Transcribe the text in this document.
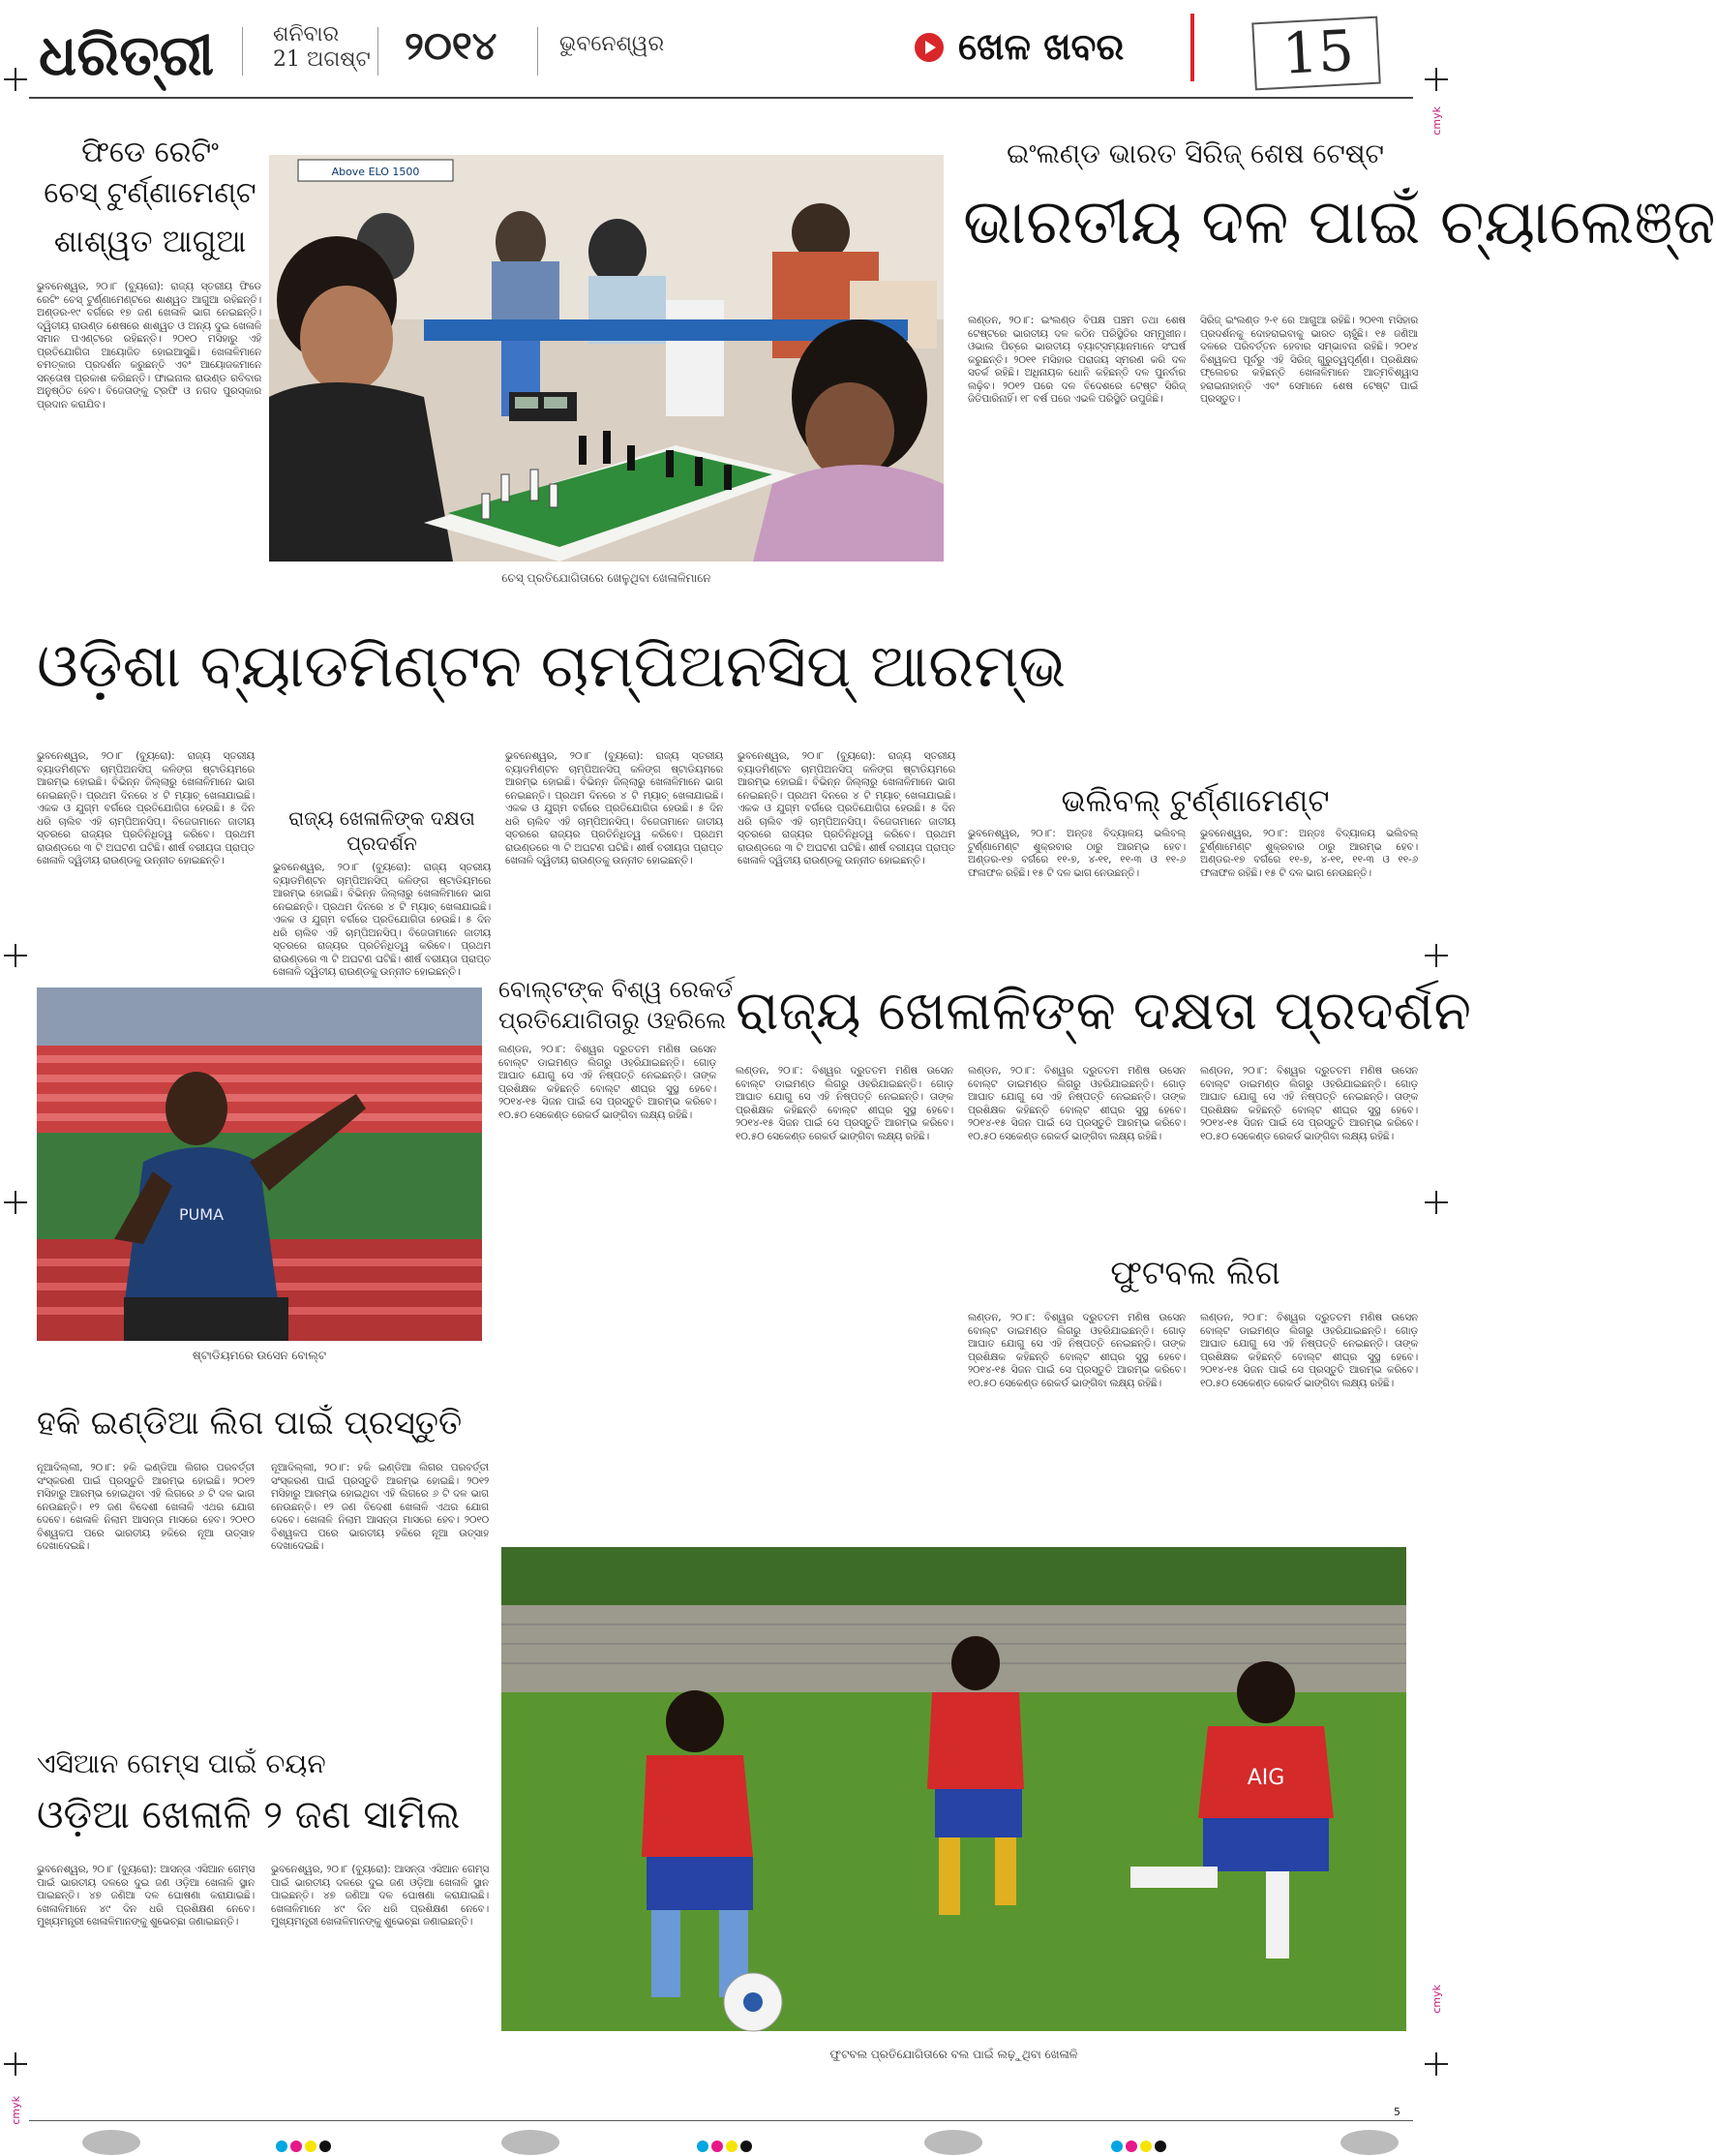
ଧରିତ୍ରୀ	ଶନିବାର
21 ଅଗଷ୍ଟ ୨୦୧୪	ଭୁବନେଶ୍ୱର	ଖେଳ ଖବର	15
ଫିଡେ ରେଟିଂ
ଚେସ୍ ଟୁର୍ଣ୍ଣାମେଣ୍ଟ
ଶାଶ୍ୱତ ଆଗୁଆ
ଭୁବନେଶ୍ୱର, ୨୦।୮ (ବ୍ୟୁରୋ): ରାଜ୍ୟ ସ୍ତରୀୟ ଫିଡେ ରେଟିଂ ଚେସ୍ ଟୁର୍ଣ୍ଣାମେଣ୍ଟରେ ଶାଶ୍ୱତ ଆଗୁଆ ରହିଛନ୍ତି। ଅଣ୍ଡର-୧୯ ବର୍ଗରେ ୧୭ ଜଣ ଖେଳାଳି ଭାଗ ନେଇଛନ୍ତି। ଦ୍ୱିତୀୟ ରାଉଣ୍ଡ ଶେଷରେ ଶାଶ୍ୱତ ଓ ଅନ୍ୟ ଦୁଇ ଖେଳାଳି ସମାନ ପଏଣ୍ଟରେ ରହିଛନ୍ତି। ୨୦୧୦ ମସିହାରୁ ଏହି ପ୍ରତିଯୋଗିତା ଆୟୋଜିତ ହୋଇଆସୁଛି। ଖେଳାଳିମାନେ ଚମତ୍କାର ପ୍ରଦର୍ଶନ କରୁଛନ୍ତି ଏବଂ ଆୟୋଜକମାନେ ସନ୍ତୋଷ ପ୍ରକାଶ କରିଛନ୍ତି। ଫାଇନାଲ ରାଉଣ୍ଡ ରବିବାର ଅନୁଷ୍ଠିତ ହେବ। ବିଜେତାଙ୍କୁ ଟ୍ରଫି ଓ ନଗଦ ପୁରସ୍କାର ପ୍ରଦାନ କରାଯିବ।
Above ELO 1500
ଚେସ୍ ପ୍ରତିଯୋଗିତାରେ ଖେଳୁଥିବା ଖେଳାଳିମାନେ
ଇଂଲଣ୍ଡ ଭାରତ ସିରିଜ୍ ଶେଷ ଟେଷ୍ଟ
ଭାରତୀୟ ଦଳ ପାଇଁ ଚ୍ୟାଲେଞ୍ଜ
ଲଣ୍ଡନ, ୨୦।୮: ଇଂଲଣ୍ଡ ବିପକ୍ଷ ପଞ୍ଚମ ତଥା ଶେଷ ଟେଷ୍ଟରେ ଭାରତୀୟ ଦଳ କଠିନ ପରିସ୍ଥିତିର ସମ୍ମୁଖୀନ। ଓଭାଲ ପିଚ୍‌ରେ ଭାରତୀୟ ବ୍ୟାଟ୍ସମ୍ୟାନମାନେ ସଂଘର୍ଷ କରୁଛନ୍ତି। ୨୦୧୧ ମସିହାର ପରାଜୟ ସ୍ମରଣ କରି ଦଳ ସତର୍କ ରହିଛି। ଅଧିନାୟକ ଧୋନି କହିଛନ୍ତି ଦଳ ପୁନର୍ବାର ଲଢ଼ିବ। ୨୦୧୨ ପରେ ଦଳ ବିଦେଶରେ ଟେଷ୍ଟ ସିରିଜ୍ ଜିତିପାରିନାହିଁ। ୧୮ ବର୍ଷ ପରେ ଏଭଳି ପରିସ୍ଥିତି ଉପୁଜିଛି।
ସିରିଜ୍ ଇଂଲଣ୍ଡ ୨-୧ ରେ ଆଗୁଆ ରହିଛି। ୨୦୧୩ ମସିହାର ପ୍ରଦର୍ଶନକୁ ଦୋହରାଇବାକୁ ଭାରତ ଚାହୁଁଛି। ୧୫ ଜଣିଆ ଦଳରେ ପରିବର୍ତ୍ତନ ହେବାର ସମ୍ଭାବନା ରହିଛି। ୨୦୧୪ ବିଶ୍ୱକପ ପୂର୍ବରୁ ଏହି ସିରିଜ୍ ଗୁରୁତ୍ୱପୂର୍ଣ୍ଣ। ପ୍ରଶିକ୍ଷକ ଫ୍ଲେଚର କହିଛନ୍ତି ଖେଳାଳିମାନେ ଆତ୍ମବିଶ୍ୱାସ ହରାଇନାହାନ୍ତି ଏବଂ ସେମାନେ ଶେଷ ଟେଷ୍ଟ ପାଇଁ ପ୍ରସ୍ତୁତ।
ଓଡ଼ିଶା ବ୍ୟାଡମିଣ୍ଟନ ଚାମ୍ପିଅନସିପ୍ ଆରମ୍ଭ
ଭୁବନେଶ୍ୱର, ୨୦।୮ (ବ୍ୟୁରୋ): ରାଜ୍ୟ ସ୍ତରୀୟ ବ୍ୟାଡମିଣ୍ଟନ ଚାମ୍ପିଅନସିପ୍ କଳିଙ୍ଗ ଷ୍ଟାଡିୟମରେ ଆରମ୍ଭ ହୋଇଛି। ବିଭିନ୍ନ ଜିଲ୍ଲାରୁ ଖେଳାଳିମାନେ ଭାଗ ନେଇଛନ୍ତି। ପ୍ରଥମ ଦିନରେ ୪ ଟି ମ୍ୟାଚ୍ ଖେଳାଯାଇଛି। ଏକକ ଓ ଯୁଗ୍ମ ବର୍ଗରେ ପ୍ରତିଯୋଗିତା ହେଉଛି। ୫ ଦିନ ଧରି ଚାଲିବ ଏହି ଚାମ୍ପିଅନସିପ୍। ବିଜେତାମାନେ ଜାତୀୟ ସ୍ତରରେ ରାଜ୍ୟର ପ୍ରତିନିଧିତ୍ୱ କରିବେ। ପ୍ରଥମ ରାଉଣ୍ଡରେ ୩ ଟି ଅଘଟଣ ଘଟିଛି। ଶୀର୍ଷ ବରୀୟତା ପ୍ରାପ୍ତ ଖେଳାଳି ଦ୍ୱିତୀୟ ରାଉଣ୍ଡକୁ ଉନ୍ନୀତ ହୋଇଛନ୍ତି।
ରାଜ୍ୟ ଖେଳାଳିଙ୍କ ଦକ୍ଷତା ପ୍ରଦର୍ଶନ
ଭୁବନେଶ୍ୱର, ୨୦।୮ (ବ୍ୟୁରୋ): ରାଜ୍ୟ ସ୍ତରୀୟ ବ୍ୟାଡମିଣ୍ଟନ ଚାମ୍ପିଅନସିପ୍ କଳିଙ୍ଗ ଷ୍ଟାଡିୟମରେ ଆରମ୍ଭ ହୋଇଛି। ବିଭିନ୍ନ ଜିଲ୍ଲାରୁ ଖେଳାଳିମାନେ ଭାଗ ନେଇଛନ୍ତି। ପ୍ରଥମ ଦିନରେ ୪ ଟି ମ୍ୟାଚ୍ ଖେଳାଯାଇଛି। ଏକକ ଓ ଯୁଗ୍ମ ବର୍ଗରେ ପ୍ରତିଯୋଗିତା ହେଉଛି। ୫ ଦିନ ଧରି ଚାଲିବ ଏହି ଚାମ୍ପିଅନସିପ୍। ବିଜେତାମାନେ ଜାତୀୟ ସ୍ତରରେ ରାଜ୍ୟର ପ୍ରତିନିଧିତ୍ୱ କରିବେ। ପ୍ରଥମ ରାଉଣ୍ଡରେ ୩ ଟି ଅଘଟଣ ଘଟିଛି। ଶୀର୍ଷ ବରୀୟତା ପ୍ରାପ୍ତ ଖେଳାଳି ଦ୍ୱିତୀୟ ରାଉଣ୍ଡକୁ ଉନ୍ନୀତ ହୋଇଛନ୍ତି।
ଭୁବନେଶ୍ୱର, ୨୦।୮ (ବ୍ୟୁରୋ): ରାଜ୍ୟ ସ୍ତରୀୟ ବ୍ୟାଡମିଣ୍ଟନ ଚାମ୍ପିଅନସିପ୍ କଳିଙ୍ଗ ଷ୍ଟାଡିୟମରେ ଆରମ୍ଭ ହୋଇଛି। ବିଭିନ୍ନ ଜିଲ୍ଲାରୁ ଖେଳାଳିମାନେ ଭାଗ ନେଇଛନ୍ତି। ପ୍ରଥମ ଦିନରେ ୪ ଟି ମ୍ୟାଚ୍ ଖେଳାଯାଇଛି। ଏକକ ଓ ଯୁଗ୍ମ ବର୍ଗରେ ପ୍ରତିଯୋଗିତା ହେଉଛି। ୫ ଦିନ ଧରି ଚାଲିବ ଏହି ଚାମ୍ପିଅନସିପ୍। ବିଜେତାମାନେ ଜାତୀୟ ସ୍ତରରେ ରାଜ୍ୟର ପ୍ରତିନିଧିତ୍ୱ କରିବେ। ପ୍ରଥମ ରାଉଣ୍ଡରେ ୩ ଟି ଅଘଟଣ ଘଟିଛି। ଶୀର୍ଷ ବରୀୟତା ପ୍ରାପ୍ତ ଖେଳାଳି ଦ୍ୱିତୀୟ ରାଉଣ୍ଡକୁ ଉନ୍ନୀତ ହୋଇଛନ୍ତି।
ଭୁବନେଶ୍ୱର, ୨୦।୮ (ବ୍ୟୁରୋ): ରାଜ୍ୟ ସ୍ତରୀୟ ବ୍ୟାଡମିଣ୍ଟନ ଚାମ୍ପିଅନସିପ୍ କଳିଙ୍ଗ ଷ୍ଟାଡିୟମରେ ଆରମ୍ଭ ହୋଇଛି। ବିଭିନ୍ନ ଜିଲ୍ଲାରୁ ଖେଳାଳିମାନେ ଭାଗ ନେଇଛନ୍ତି। ପ୍ରଥମ ଦିନରେ ୪ ଟି ମ୍ୟାଚ୍ ଖେଳାଯାଇଛି। ଏକକ ଓ ଯୁଗ୍ମ ବର୍ଗରେ ପ୍ରତିଯୋଗିତା ହେଉଛି। ୫ ଦିନ ଧରି ଚାଲିବ ଏହି ଚାମ୍ପିଅନସିପ୍। ବିଜେତାମାନେ ଜାତୀୟ ସ୍ତରରେ ରାଜ୍ୟର ପ୍ରତିନିଧିତ୍ୱ କରିବେ। ପ୍ରଥମ ରାଉଣ୍ଡରେ ୩ ଟି ଅଘଟଣ ଘଟିଛି। ଶୀର୍ଷ ବରୀୟତା ପ୍ରାପ୍ତ ଖେଳାଳି ଦ୍ୱିତୀୟ ରାଉଣ୍ଡକୁ ଉନ୍ନୀତ ହୋଇଛନ୍ତି।
ଭଲିବଲ୍ ଟୁର୍ଣ୍ଣାମେଣ୍ଟ
ଭୁବନେଶ୍ୱର, ୨୦।୮: ଅନ୍ତଃ ବିଦ୍ୟାଳୟ ଭଲିବଲ୍ ଟୁର୍ଣ୍ଣାମେଣ୍ଟ ଶୁକ୍ରବାର ଠାରୁ ଆରମ୍ଭ ହେବ। ଅଣ୍ଡର-୧୭ ବର୍ଗରେ ୧୧-୭, ୪-୧୧, ୧୧-୩ ଓ ୧୧-୬ ଫଳାଫଳ ରହିଛି। ୧୫ ଟି ଦଳ ଭାଗ ନେଉଛନ୍ତି।
ଭୁବନେଶ୍ୱର, ୨୦।୮: ଅନ୍ତଃ ବିଦ୍ୟାଳୟ ଭଲିବଲ୍ ଟୁର୍ଣ୍ଣାମେଣ୍ଟ ଶୁକ୍ରବାର ଠାରୁ ଆରମ୍ଭ ହେବ। ଅଣ୍ଡର-୧୭ ବର୍ଗରେ ୧୧-୭, ୪-୧୧, ୧୧-୩ ଓ ୧୧-୬ ଫଳାଫଳ ରହିଛି। ୧୫ ଟି ଦଳ ଭାଗ ନେଉଛନ୍ତି।
PUMA
ଷ୍ଟାଡିୟମରେ ଉସେନ ବୋଲ୍ଟ
ବୋଲ୍ଟଙ୍କ ବିଶ୍ୱ ରେକର୍ଡ
ପ୍ରତିଯୋଗିତାରୁ ଓହରିଲେ
ଲଣ୍ଡନ, ୨୦।୮: ବିଶ୍ୱର ଦ୍ରୁତତମ ମଣିଷ ଉସେନ ବୋଲ୍ଟ ଡାଇମଣ୍ଡ ଲିଗରୁ ଓହରିଯାଇଛନ୍ତି। ଗୋଡ଼ ଆଘାତ ଯୋଗୁ ସେ ଏହି ନିଷ୍ପତ୍ତି ନେଇଛନ୍ତି। ତାଙ୍କ ପ୍ରଶିକ୍ଷକ କହିଛନ୍ତି ବୋଲ୍ଟ ଶୀଘ୍ର ସୁସ୍ଥ ହେବେ। ୨୦୧୪-୧୫ ସିଜନ ପାଇଁ ସେ ପ୍ରସ୍ତୁତି ଆରମ୍ଭ କରିବେ। ୧୦.୫୦ ସେକେଣ୍ଡ ରେକର୍ଡ ଭାଙ୍ଗିବା ଲକ୍ଷ୍ୟ ରହିଛି।
ରାଜ୍ୟ ଖେଳାଳିଙ୍କ ଦକ୍ଷତା ପ୍ରଦର୍ଶନ
ଲଣ୍ଡନ, ୨୦।୮: ବିଶ୍ୱର ଦ୍ରୁତତମ ମଣିଷ ଉସେନ ବୋଲ୍ଟ ଡାଇମଣ୍ଡ ଲିଗରୁ ଓହରିଯାଇଛନ୍ତି। ଗୋଡ଼ ଆଘାତ ଯୋଗୁ ସେ ଏହି ନିଷ୍ପତ୍ତି ନେଇଛନ୍ତି। ତାଙ୍କ ପ୍ରଶିକ୍ଷକ କହିଛନ୍ତି ବୋଲ୍ଟ ଶୀଘ୍ର ସୁସ୍ଥ ହେବେ। ୨୦୧୪-୧୫ ସିଜନ ପାଇଁ ସେ ପ୍ରସ୍ତୁତି ଆରମ୍ଭ କରିବେ। ୧୦.୫୦ ସେକେଣ୍ଡ ରେକର୍ଡ ଭାଙ୍ଗିବା ଲକ୍ଷ୍ୟ ରହିଛି।
ଲଣ୍ଡନ, ୨୦।୮: ବିଶ୍ୱର ଦ୍ରୁତତମ ମଣିଷ ଉସେନ ବୋଲ୍ଟ ଡାଇମଣ୍ଡ ଲିଗରୁ ଓହରିଯାଇଛନ୍ତି। ଗୋଡ଼ ଆଘାତ ଯୋଗୁ ସେ ଏହି ନିଷ୍ପତ୍ତି ନେଇଛନ୍ତି। ତାଙ୍କ ପ୍ରଶିକ୍ଷକ କହିଛନ୍ତି ବୋଲ୍ଟ ଶୀଘ୍ର ସୁସ୍ଥ ହେବେ। ୨୦୧୪-୧୫ ସିଜନ ପାଇଁ ସେ ପ୍ରସ୍ତୁତି ଆରମ୍ଭ କରିବେ। ୧୦.୫୦ ସେକେଣ୍ଡ ରେକର୍ଡ ଭାଙ୍ଗିବା ଲକ୍ଷ୍ୟ ରହିଛି।
ଲଣ୍ଡନ, ୨୦।୮: ବିଶ୍ୱର ଦ୍ରୁତତମ ମଣିଷ ଉସେନ ବୋଲ୍ଟ ଡାଇମଣ୍ଡ ଲିଗରୁ ଓହରିଯାଇଛନ୍ତି। ଗୋଡ଼ ଆଘାତ ଯୋଗୁ ସେ ଏହି ନିଷ୍ପତ୍ତି ନେଇଛନ୍ତି। ତାଙ୍କ ପ୍ରଶିକ୍ଷକ କହିଛନ୍ତି ବୋଲ୍ଟ ଶୀଘ୍ର ସୁସ୍ଥ ହେବେ। ୨୦୧୪-୧୫ ସିଜନ ପାଇଁ ସେ ପ୍ରସ୍ତୁତି ଆରମ୍ଭ କରିବେ। ୧୦.୫୦ ସେକେଣ୍ଡ ରେକର୍ଡ ଭାଙ୍ଗିବା ଲକ୍ଷ୍ୟ ରହିଛି।
ଫୁଟବଲ ଲିଗ
ଲଣ୍ଡନ, ୨୦।୮: ବିଶ୍ୱର ଦ୍ରୁତତମ ମଣିଷ ଉସେନ ବୋଲ୍ଟ ଡାଇମଣ୍ଡ ଲିଗରୁ ଓହରିଯାଇଛନ୍ତି। ଗୋଡ଼ ଆଘାତ ଯୋଗୁ ସେ ଏହି ନିଷ୍ପତ୍ତି ନେଇଛନ୍ତି। ତାଙ୍କ ପ୍ରଶିକ୍ଷକ କହିଛନ୍ତି ବୋଲ୍ଟ ଶୀଘ୍ର ସୁସ୍ଥ ହେବେ। ୨୦୧୪-୧୫ ସିଜନ ପାଇଁ ସେ ପ୍ରସ୍ତୁତି ଆରମ୍ଭ କରିବେ। ୧୦.୫୦ ସେକେଣ୍ଡ ରେକର୍ଡ ଭାଙ୍ଗିବା ଲକ୍ଷ୍ୟ ରହିଛି।
ଲଣ୍ଡନ, ୨୦।୮: ବିଶ୍ୱର ଦ୍ରୁତତମ ମଣିଷ ଉସେନ ବୋଲ୍ଟ ଡାଇମଣ୍ଡ ଲିଗରୁ ଓହରିଯାଇଛନ୍ତି। ଗୋଡ଼ ଆଘାତ ଯୋଗୁ ସେ ଏହି ନିଷ୍ପତ୍ତି ନେଇଛନ୍ତି। ତାଙ୍କ ପ୍ରଶିକ୍ଷକ କହିଛନ୍ତି ବୋଲ୍ଟ ଶୀଘ୍ର ସୁସ୍ଥ ହେବେ। ୨୦୧୪-୧୫ ସିଜନ ପାଇଁ ସେ ପ୍ରସ୍ତୁତି ଆରମ୍ଭ କରିବେ। ୧୦.୫୦ ସେକେଣ୍ଡ ରେକର୍ଡ ଭାଙ୍ଗିବା ଲକ୍ଷ୍ୟ ରହିଛି।
ହକି ଇଣ୍ଡିଆ ଲିଗ ପାଇଁ ପ୍ରସ୍ତୁତି
ନୂଆଦିଲ୍ଲୀ, ୨୦।୮: ହକି ଇଣ୍ଡିଆ ଲିଗର ପରବର୍ତ୍ତୀ ସଂସ୍କରଣ ପାଇଁ ପ୍ରସ୍ତୁତି ଆରମ୍ଭ ହୋଇଛି। ୨୦୧୨ ମସିହାରୁ ଆରମ୍ଭ ହୋଇଥିବା ଏହି ଲିଗରେ ୬ ଟି ଦଳ ଭାଗ ନେଉଛନ୍ତି। ୧୨ ଜଣ ବିଦେଶୀ ଖେଳାଳି ଏଥର ଯୋଗ ଦେବେ। ଖେଳାଳି ନିଲାମ ଆସନ୍ତା ମାସରେ ହେବ। ୨୦୧୦ ବିଶ୍ୱକପ ପରେ ଭାରତୀୟ ହକିରେ ନୂଆ ଉତ୍ସାହ ଦେଖାଦେଇଛି।
ନୂଆଦିଲ୍ଲୀ, ୨୦।୮: ହକି ଇଣ୍ଡିଆ ଲିଗର ପରବର୍ତ୍ତୀ ସଂସ୍କରଣ ପାଇଁ ପ୍ରସ୍ତୁତି ଆରମ୍ଭ ହୋଇଛି। ୨୦୧୨ ମସିହାରୁ ଆରମ୍ଭ ହୋଇଥିବା ଏହି ଲିଗରେ ୬ ଟି ଦଳ ଭାଗ ନେଉଛନ୍ତି। ୧୨ ଜଣ ବିଦେଶୀ ଖେଳାଳି ଏଥର ଯୋଗ ଦେବେ। ଖେଳାଳି ନିଲାମ ଆସନ୍ତା ମାସରେ ହେବ। ୨୦୧୦ ବିଶ୍ୱକପ ପରେ ଭାରତୀୟ ହକିରେ ନୂଆ ଉତ୍ସାହ ଦେଖାଦେଇଛି।
ଏସିଆନ ଗେମ୍ସ ପାଇଁ ଚୟନ
ଓଡ଼ିଆ ଖେଳାଳି ୨ ଜଣ ସାମିଲ
ଭୁବନେଶ୍ୱର, ୨୦।୮ (ବ୍ୟୁରୋ): ଆସନ୍ତା ଏସିଆନ ଗେମ୍ସ ପାଇଁ ଭାରତୀୟ ଦଳରେ ଦୁଇ ଜଣ ଓଡ଼ିଆ ଖେଳାଳି ସ୍ଥାନ ପାଇଛନ୍ତି। ୪୭ ଜଣିଆ ଦଳ ଘୋଷଣା କରାଯାଇଛି। ଖେଳାଳିମାନେ ୪୯ ଦିନ ଧରି ପ୍ରଶିକ୍ଷଣ ନେବେ। ମୁଖ୍ୟମନ୍ତ୍ରୀ ଖେଳାଳିମାନଙ୍କୁ ଶୁଭେଚ୍ଛା ଜଣାଇଛନ୍ତି।
ଭୁବନେଶ୍ୱର, ୨୦।୮ (ବ୍ୟୁରୋ): ଆସନ୍ତା ଏସିଆନ ଗେମ୍ସ ପାଇଁ ଭାରତୀୟ ଦଳରେ ଦୁଇ ଜଣ ଓଡ଼ିଆ ଖେଳାଳି ସ୍ଥାନ ପାଇଛନ୍ତି। ୪୭ ଜଣିଆ ଦଳ ଘୋଷଣା କରାଯାଇଛି। ଖେଳାଳିମାନେ ୪୯ ଦିନ ଧରି ପ୍ରଶିକ୍ଷଣ ନେବେ। ମୁଖ୍ୟମନ୍ତ୍ରୀ ଖେଳାଳିମାନଙ୍କୁ ଶୁଭେଚ୍ଛା ଜଣାଇଛନ୍ତି।
AIG
ଫୁଟବଲ ପ୍ରତିଯୋଗିତାରେ ବଲ ପାଇଁ ଲଢ଼ୁଥିବା ଖେଳାଳି
cmyk
cmyk
cmyk	5
